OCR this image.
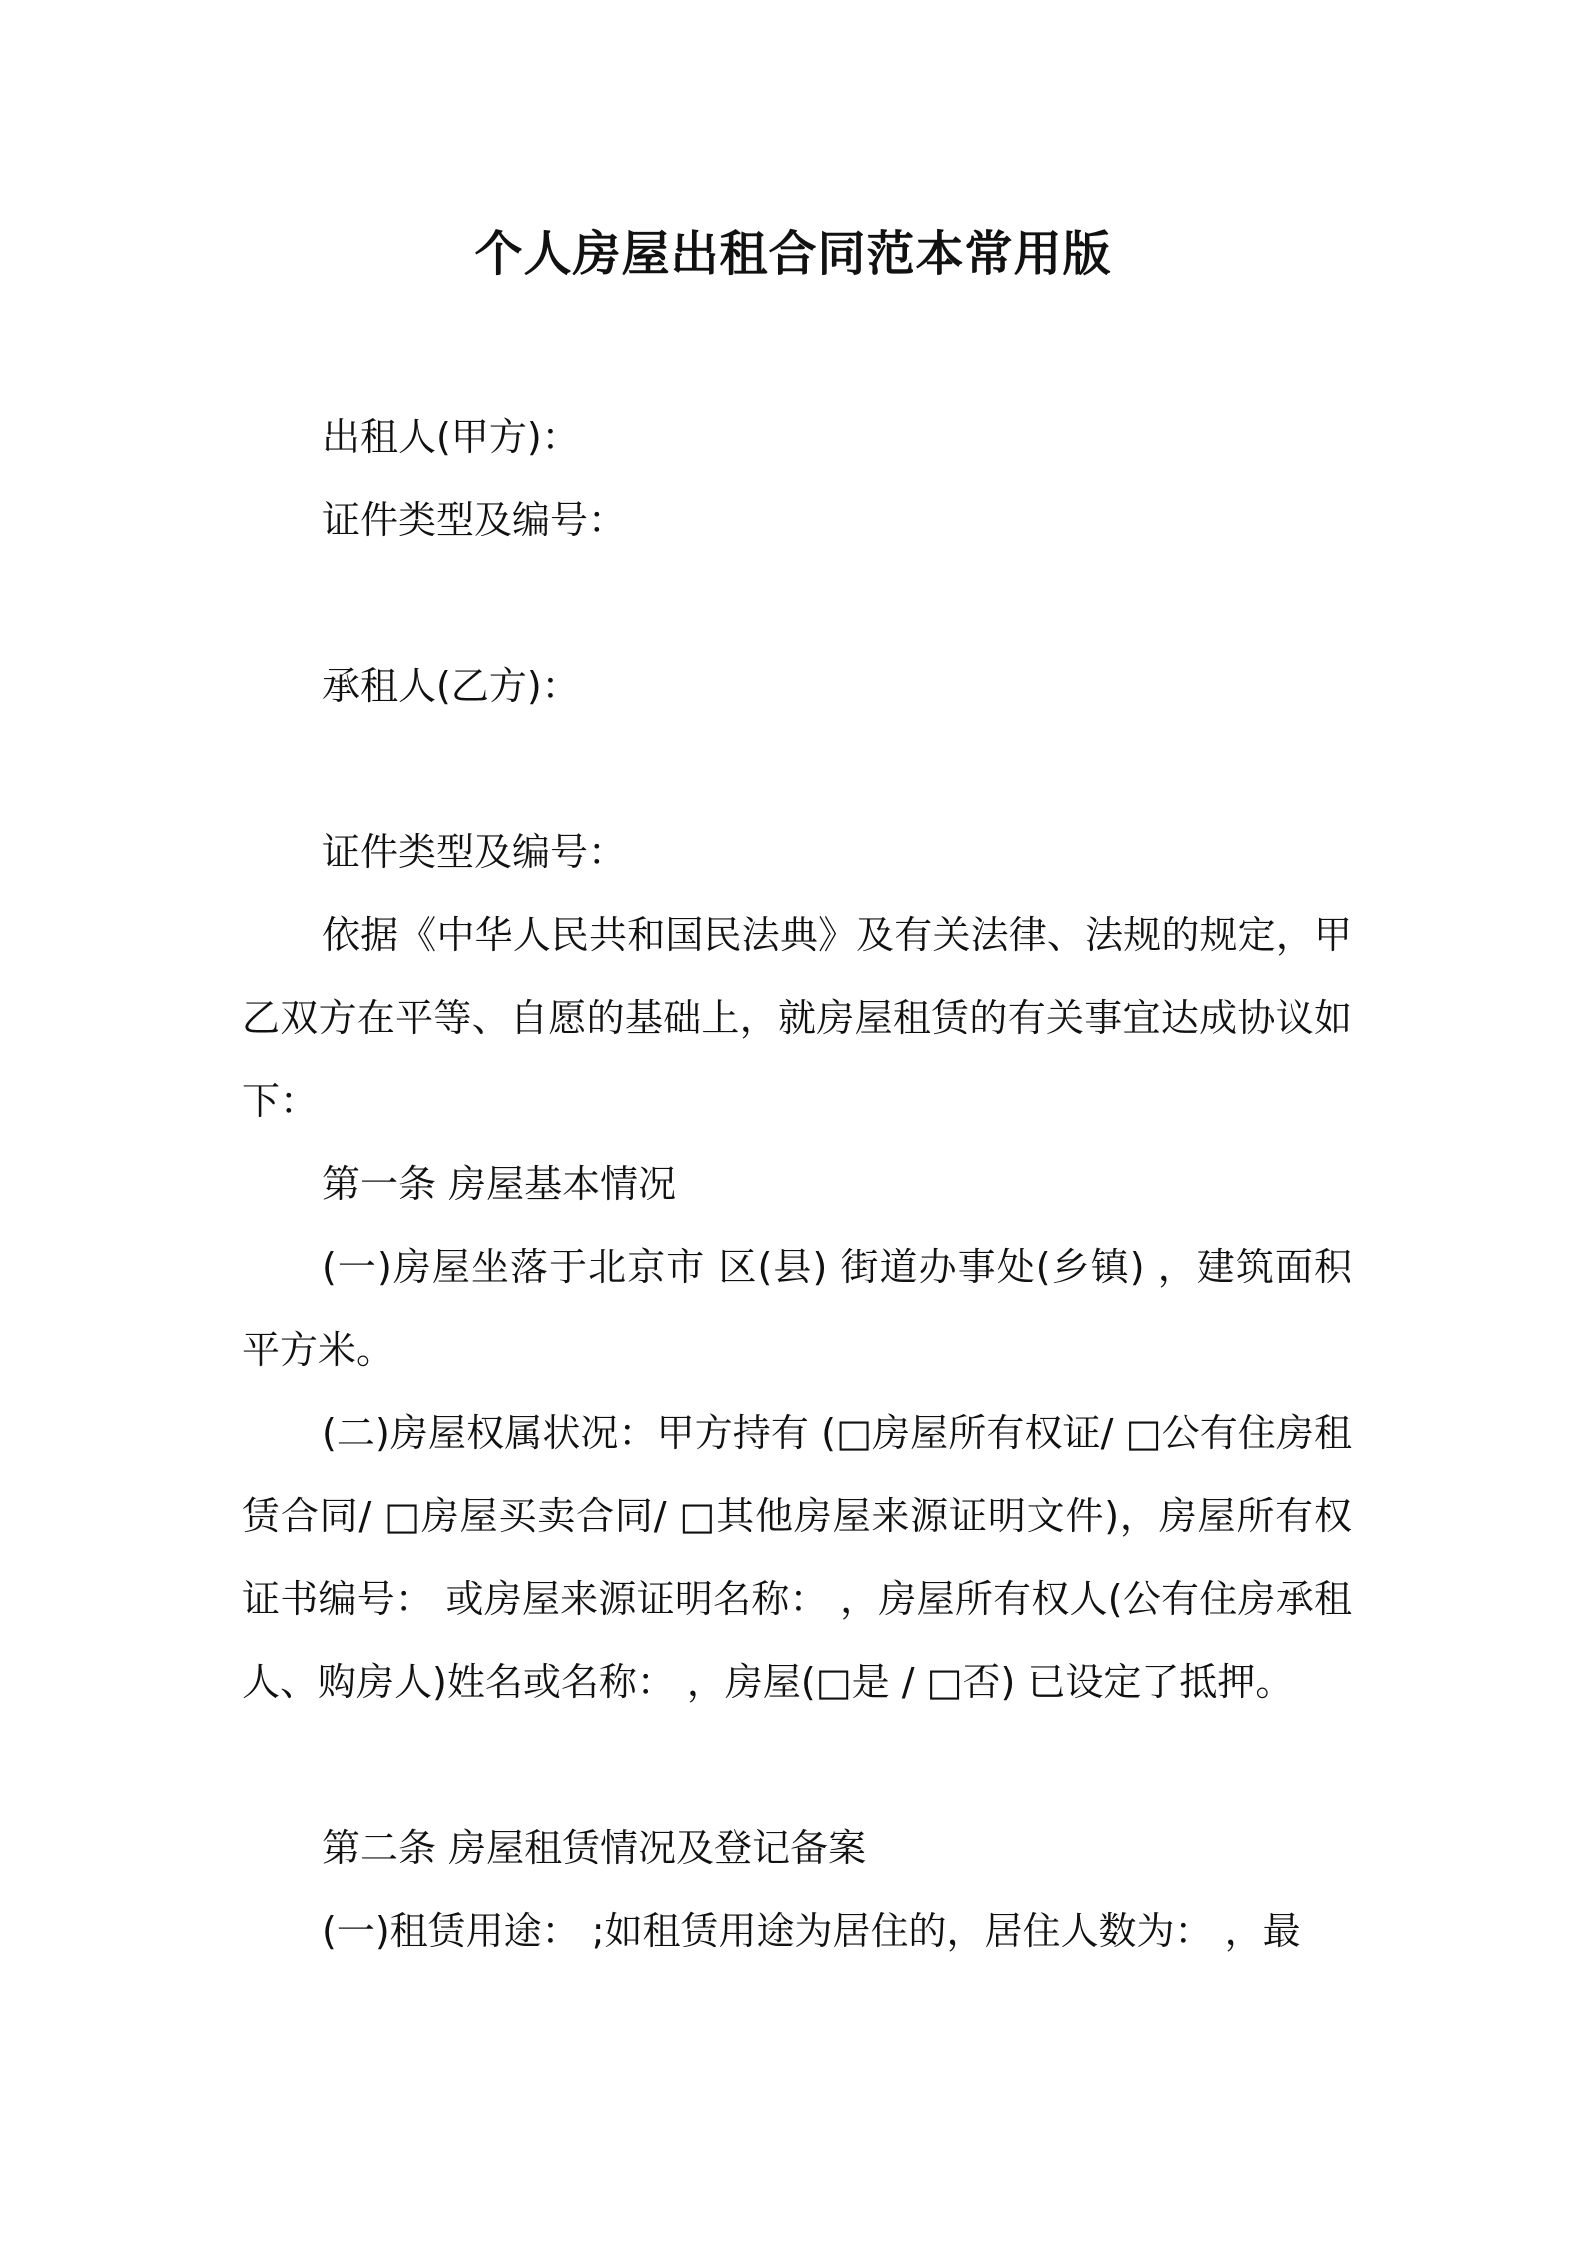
个人房屋出租合同范本常用版

出租人(甲方)：

证件类型及编号：

承租人(乙方)：

证件类型及编号：

依据《中华人民共和国民法典》及有关法律、法规的规定，甲乙双方在平等、自愿的基础上，就房屋租赁的有关事宜达成协议如下：

第一条 房屋基本情况

(一)房屋坐落于北京市 区(县) 街道办事处(乡镇) ，建筑面积 平方米。

(二)房屋权属状况：甲方持有 (□房屋所有权证/ □公有住房租赁合同/ □房屋买卖合同/ □其他房屋来源证明文件)，房屋所有权证书编号： 或房屋来源证明名称： ，房屋所有权人(公有住房承租人、购房人)姓名或名称： ，房屋(□是 / □否) 已设定了抵押。

第二条 房屋租赁情况及登记备案

(一)租赁用途： ;如租赁用途为居住的，居住人数为： ，最
